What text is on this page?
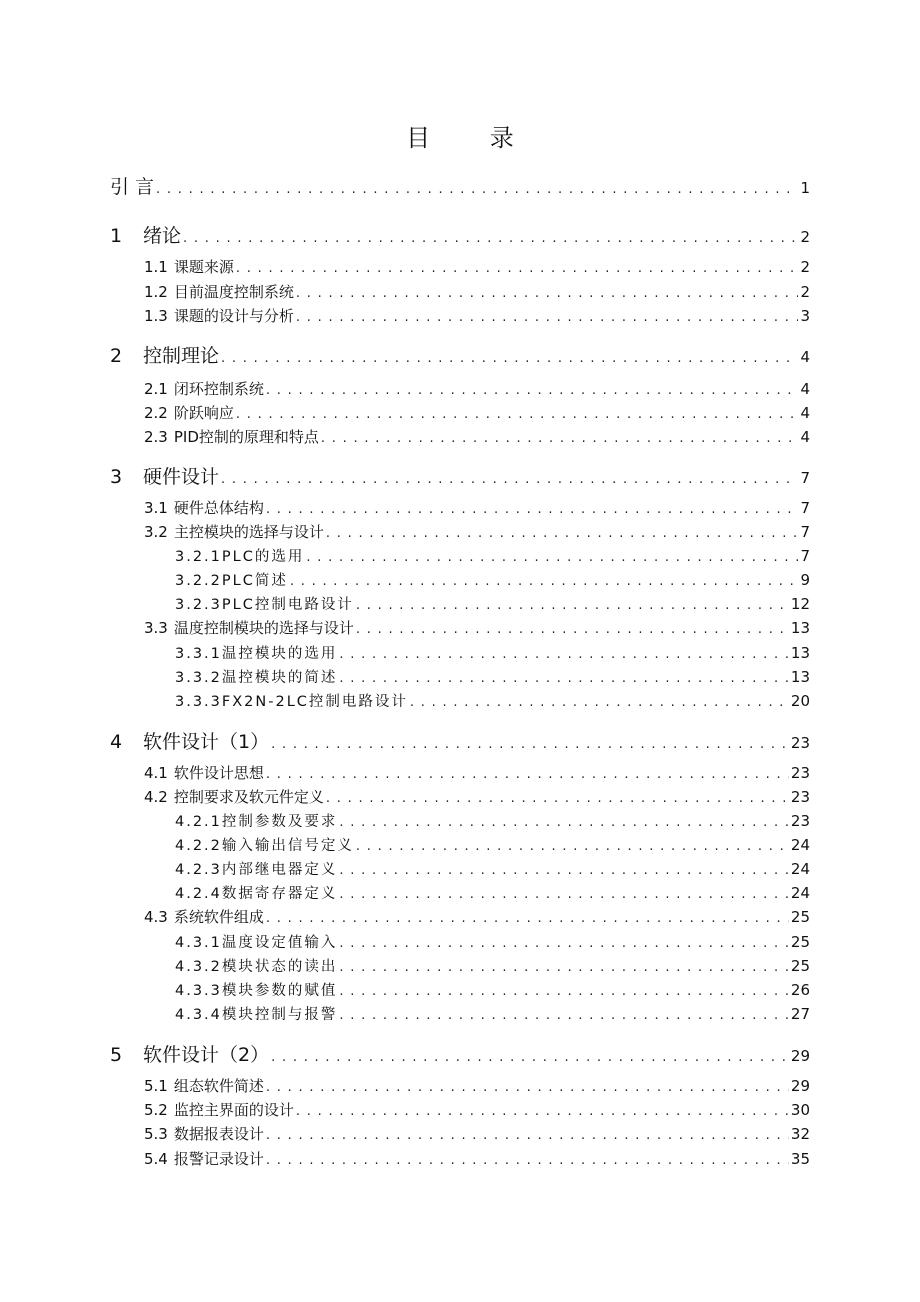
目 录
引 言 . . .	1
1	绪论 . . .	2
1.1 课题来源 . . .	2
1.2 目前温度控制系统 . . .	2
1.3 课题的设计与分析 . . .	3
2	控制理论 . . .	4
2.1 闭环控制系统 . . .	4
2.2 阶跃响应 . . .	4
2.3 PID控制的原理和特点 . . .	4
3	硬件设计 . . .	7
3.1 硬件总体结构 . . .	7
3.2 主控模块的选择与设计 . . .	7
3.2.1PLC的选用 . . .	7
3.2.2PLC简述 . . .	9
3.2.3PLC控制电路设计 . . .	12
3.3 温度控制模块的选择与设计 . . .	13
3.3.1温控模块的选用 . . .	13
3.3.2温控模块的简述 . . .	13
3.3.3FX2N-2LC控制电路设计 . . .	20
4	软件设计（1） . . .	23
4.1 软件设计思想 . . .	23
4.2 控制要求及软元件定义 . . .	23
4.2.1控制参数及要求 . . .	23
4.2.2输入输出信号定义 . . .	24
4.2.3内部继电器定义 . . .	24
4.2.4数据寄存器定义 . . .	24
4.3 系统软件组成 . . .	25
4.3.1温度设定值输入 . . .	25
4.3.2模块状态的读出 . . .	25
4.3.3模块参数的赋值 . . .	26
4.3.4模块控制与报警 . . .	27
5	软件设计（2） . . .	29
5.1 组态软件简述 . . .	29
5.2 监控主界面的设计 . . .	30
5.3 数据报表设计 . . .	32
5.4 报警记录设计 . . .	35
